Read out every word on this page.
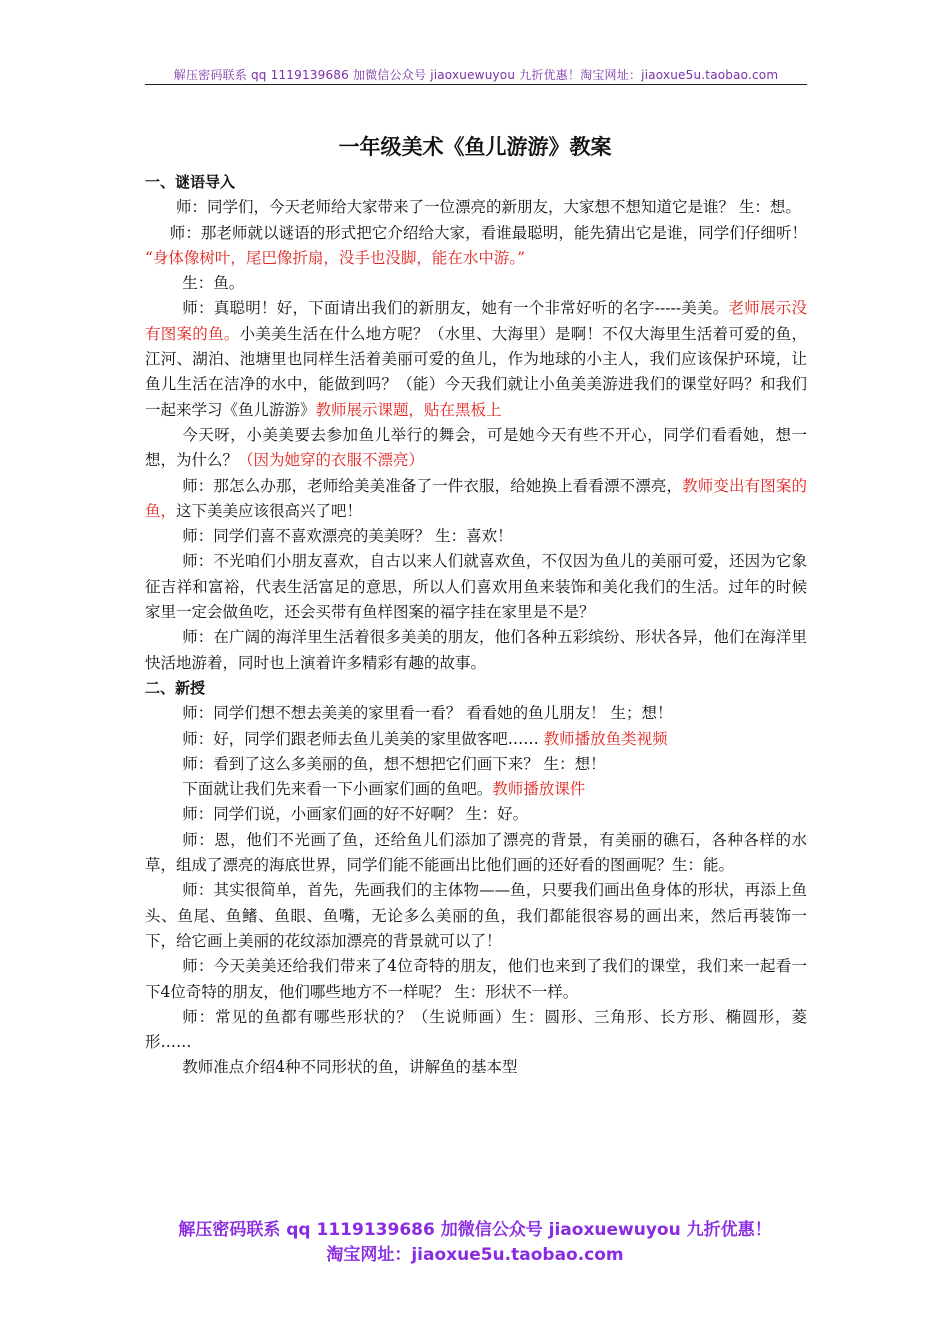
解压密码联系 qq 1119139686 加微信公众号 jiaoxuewuyou 九折优惠！淘宝网址：jiaoxue5u.taobao.com
一年级美术《鱼儿游游》教案

一、谜语导入

师：同学们，今天老师给大家带来了一位漂亮的新朋友，大家想不想知道它是谁？ 生：想。

师：那老师就以谜语的形式把它介绍给大家，看谁最聪明，能先猜出它是谁，同学们仔细听！ “身体像树叶，尾巴像折扇，没手也没脚，能在水中游。”

生：鱼。

师：真聪明！好，下面请出我们的新朋友，她有一个非常好听的名字-----美美。老师展示没有图案的鱼。小美美生活在什么地方呢？（水里、大海里）是啊！不仅大海里生活着可爱的鱼，江河、湖泊、池塘里也同样生活着美丽可爱的鱼儿，作为地球的小主人，我们应该保护环境，让鱼儿生活在洁净的水中，能做到吗？（能）今天我们就让小鱼美美游进我们的课堂好吗？和我们一起来学习《鱼儿游游》教师展示课题，贴在黑板上

今天呀，小美美要去参加鱼儿举行的舞会，可是她今天有些不开心，同学们看看她，想一想，为什么？（因为她穿的衣服不漂亮）

师：那怎么办那，老师给美美准备了一件衣服，给她换上看看漂不漂亮，教师变出有图案的鱼，这下美美应该很高兴了吧！

师：同学们喜不喜欢漂亮的美美呀？ 生：喜欢！

师：不光咱们小朋友喜欢，自古以来人们就喜欢鱼，不仅因为鱼儿的美丽可爱，还因为它象征吉祥和富裕，代表生活富足的意思，所以人们喜欢用鱼来装饰和美化我们的生活。过年的时候家里一定会做鱼吃，还会买带有鱼样图案的福字挂在家里是不是？

师：在广阔的海洋里生活着很多美美的朋友，他们各种五彩缤纷、形状各异，他们在海洋里快活地游着，同时也上演着许多精彩有趣的故事。

二、新授

师：同学们想不想去美美的家里看一看？ 看看她的鱼儿朋友！ 生；想！

师：好，同学们跟老师去鱼儿美美的家里做客吧…… 教师播放鱼类视频

师：看到了这么多美丽的鱼，想不想把它们画下来？ 生：想！

下面就让我们先来看一下小画家们画的鱼吧。教师播放课件

师：同学们说，小画家们画的好不好啊？ 生：好。

师：恩，他们不光画了鱼，还给鱼儿们添加了漂亮的背景，有美丽的礁石，各种各样的水草，组成了漂亮的海底世界，同学们能不能画出比他们画的还好看的图画呢？生：能。

师：其实很简单，首先，先画我们的主体物——鱼，只要我们画出鱼身体的形状，再添上鱼头、鱼尾、鱼鳍、鱼眼、鱼嘴，无论多么美丽的鱼，我们都能很容易的画出来，然后再装饰一下，给它画上美丽的花纹添加漂亮的背景就可以了！

师：今天美美还给我们带来了4位奇特的朋友，他们也来到了我们的课堂，我们来一起看一下4位奇特的朋友，他们哪些地方不一样呢？ 生：形状不一样。

师：常见的鱼都有哪些形状的？（生说师画）生：圆形、三角形、长方形、椭圆形，菱形……

教师准点介绍4种不同形状的鱼，讲解鱼的基本型

解压密码联系 qq 1119139686 加微信公众号 jiaoxuewuyou 九折优惠！
淘宝网址：jiaoxue5u.taobao.com
